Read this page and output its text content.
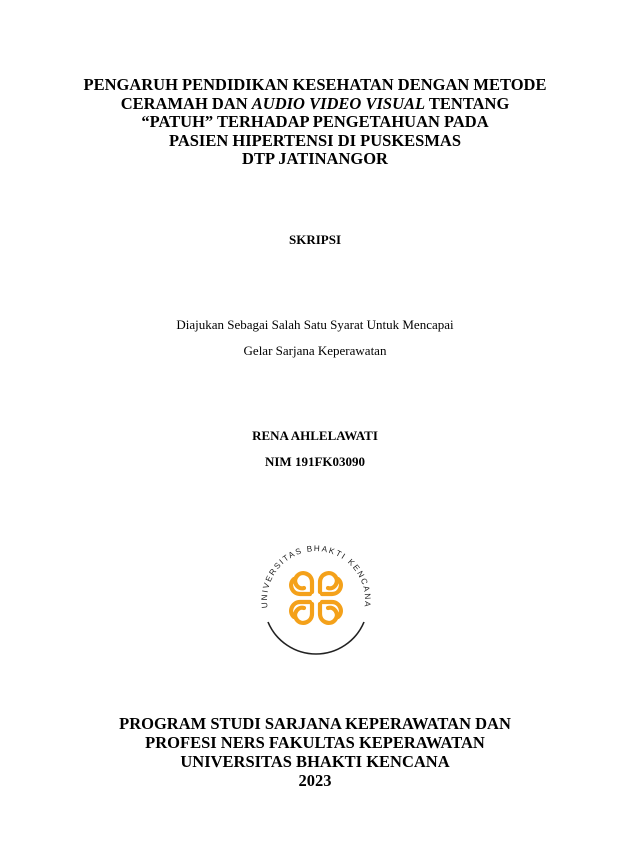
PENGARUH PENDIDIKAN KESEHATAN DENGAN METODE
CERAMAH DAN AUDIO VIDEO VISUAL TENTANG
“PATUH” TERHADAP PENGETAHUAN PADA
PASIEN HIPERTENSI DI PUSKESMAS
DTP JATINANGOR
SKRIPSI
Diajukan Sebagai Salah Satu Syarat Untuk Mencapai
Gelar Sarjana Keperawatan
RENA AHLELAWATI
NIM 191FK03090
UNIVERSITAS BHAKTI KENCANA
PROGRAM STUDI SARJANA KEPERAWATAN DAN
PROFESI NERS FAKULTAS KEPERAWATAN
UNIVERSITAS BHAKTI KENCANA
2023
